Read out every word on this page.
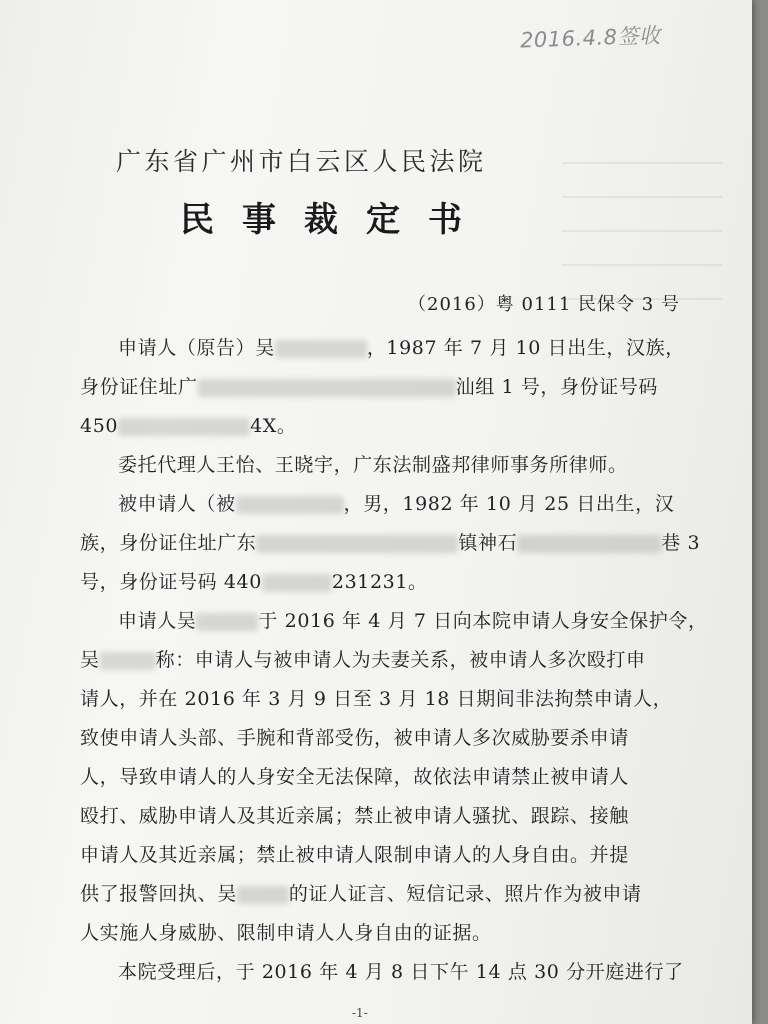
2016.4.8签收
广东省广州市白云区人民法院
民事裁定书
（2016）粤 0111 民保令 3 号
申请人（原告）吴	，1987 年 7 月 10 日出生，汉族，
身份证住址广	汕组 1 号，身份证号码
450	4X。
委托代理人王怡、王晓宇，广东法制盛邦律师事务所律师。
被申请人（被	，男，1982 年 10 月 25 日出生，汉
族，身份证住址广东	镇神石	巷 3
号，身份证号码 440	231231。
申请人吴	于 2016 年 4 月 7 日向本院申请人身安全保护令，
吴	称：申请人与被申请人为夫妻关系，被申请人多次殴打申
请人，并在 2016 年 3 月 9 日至 3 月 18 日期间非法拘禁申请人，
致使申请人头部、手腕和背部受伤，被申请人多次威胁要杀申请
人，导致申请人的人身安全无法保障，故依法申请禁止被申请人
殴打、威胁申请人及其近亲属；禁止被申请人骚扰、跟踪、接触
申请人及其近亲属；禁止被申请人限制申请人的人身自由。并提
供了报警回执、吴	的证人证言、短信记录、照片作为被申请
人实施人身威胁、限制申请人人身自由的证据。
本院受理后，于 2016 年 4 月 8 日下午 14 点 30 分开庭进行了
-1-
